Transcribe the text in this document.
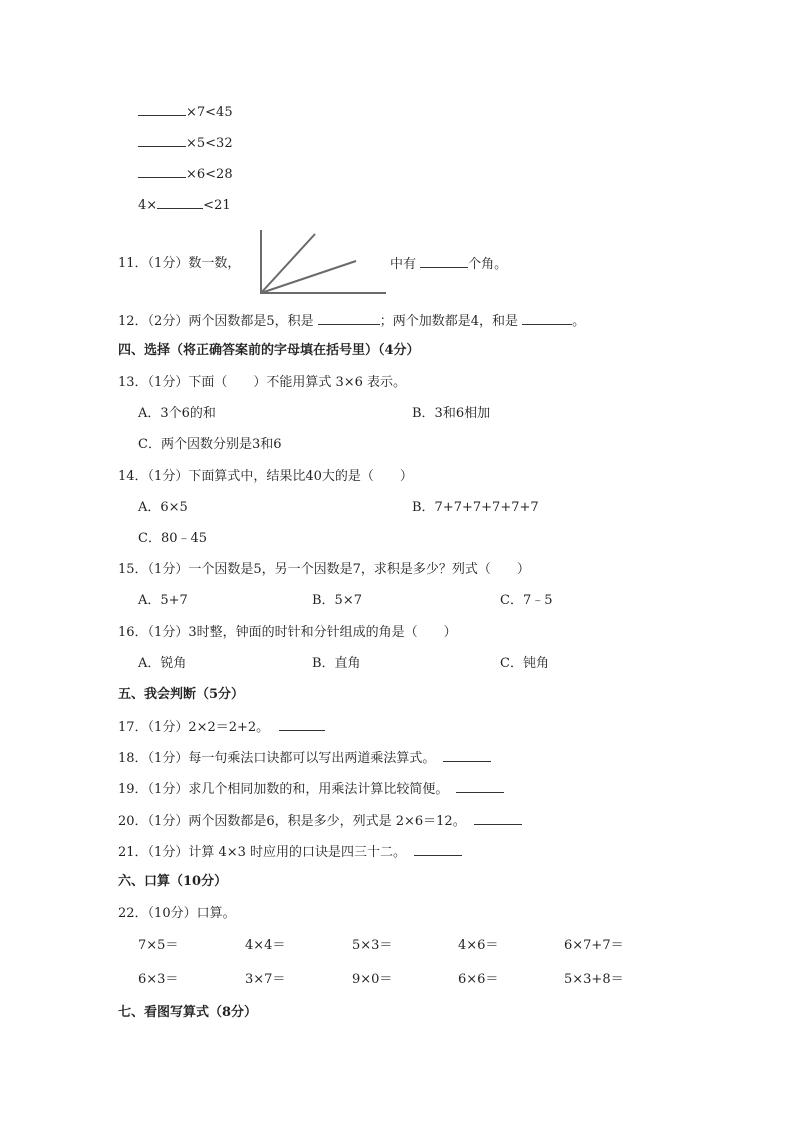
×7<45
×5<32
×6<28
4×	<21
11．（1分）数一数，	中有	个角。
12．（2分）两个因数都是5，积是	；两个加数都是4，和是	。
四、选择（将正确答案前的字母填在括号里）（4分）
13．（1分）下面（　　）不能用算式 3×6 表示。
A．3个6的和	B．3和6相加
C．两个因数分别是3和6
14．（1分）下面算式中，结果比40大的是（　　）
A．6×5	B．7+7+7+7+7+7
C．80﹣45
15．（1分）一个因数是5，另一个因数是7，求积是多少？列式（　　）
A．5+7	B．5×7	C．7﹣5
16．（1分）3时整，钟面的时针和分针组成的角是（　　）
A．锐角	B．直角	C．钝角
五、我会判断（5分）
17．（1分）2×2＝2+2。
18．（1分）每一句乘法口诀都可以写出两道乘法算式。
19．（1分）求几个相同加数的和，用乘法计算比较简便。
20．（1分）两个因数都是6，积是多少，列式是 2×6＝12。
21．（1分）计算 4×3 时应用的口诀是四三十二。
六、口算（10分）
22．（10分）口算。
7×5＝	4×4＝	5×3＝	4×6＝	6×7+7＝
6×3＝	3×7＝	9×0＝	6×6＝	5×3+8＝
七、看图写算式（8分）
